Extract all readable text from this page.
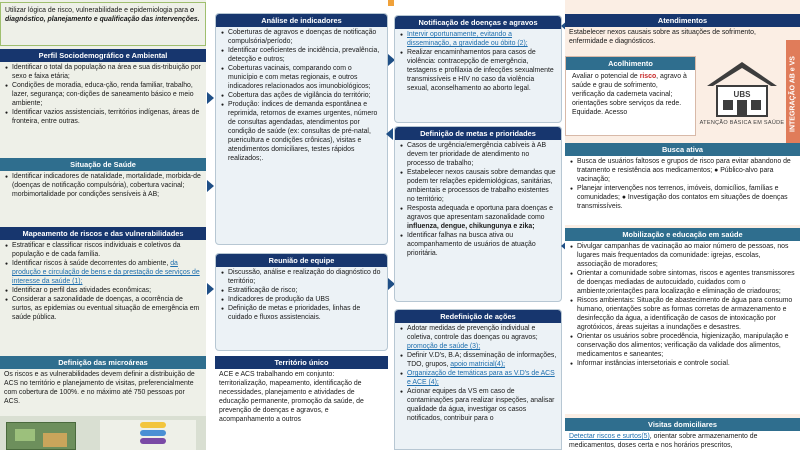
Utilizar lógica de risco, vulnerabilidade e epidemiologia para o diagnóstico, planejamento e qualificação das intervenções.
Perfil Sociodemográfico e Ambiental
● Identificar o total da população na área e sua dis-tribuição por sexo e faixa etária;
● Condições de moradia, educa-ção, renda familiar, trabalho, lazer, segurança; con-dições de saneamento básico e meio ambiente;
● Identificar vazios assistenciais, territórios indígenas, áreas de fronteira, entre outras.
Situação de Saúde
● Identificar indicadores de natalidade, mortalidade, morbida-de (doenças de notificação compulsória), cobertura vacinal; morbimortalidade por condições sensíveis à AB;
Mapeamento de riscos e das vulnerabilidades
● Estratificar e classificar riscos individuais e coletivos da população e de cada família.
● Identificar riscos à saúde decorrentes do ambiente, da produção e circulação de bens e da prestação de serviços de interesse da saúde (1);
● Identificar o perfil das atividades econômicas;
● Considerar a sazonalidade de doenças, a ocorrência de surtos, as epidemias ou eventual situação de emergência em saúde pública.
Definição das microáreas
Os riscos e as vulnerabilidades devem definir a distribuição de ACS no território e planejamento de visitas, preferencialmente com cobertura de 100%. e no máximo até 750 pessoas por ACS.
Análise de indicadores
● Coberturas de agravos e doenças de notificação compulsória/período;
● Identificar coeficientes de incidência, prevalência, detecção e outros;
● Coberturas vacinais, comparando com o município e com metas regionais, e outros indicadores relacionados aos imunobiológicos;
● Cobertura das ações de vigilância do território;
● Produção: índices de demanda espontânea e reprimida, retornos de exames urgentes, número de consultas agendadas, atendimentos por condição de saúde (ex: consultas de pré-natal, puericultura e condições crônicas), visitas e atendimentos domiciliares, testes rápidos realizados;.
Reunião de equipe
● Discussão, análise e realização do diagnóstico do território;
● Estratificação de risco;
● Indicadores de produção da UBS
● Definição de metas e prioridades, linhas de cuidado e fluxos assistenciais.
Território único
ACE e ACS trabalhando em conjunto: territorialização, mapeamento, identificação de necessidades, planejamento e atividades de educação permanente, promoção da saúde, de prevenção de doenças e agravos, e acompanhamento a outros
Notificação de doenças e agravos
● Intervir oportunamente, evitando a disseminação, a gravidade ou óbito (2);
● Realizar encaminhamentos para casos de violência: contracepção de emergência, testagens e profilaxia de infecções sexualmente transmissíveis e HIV no caso da violência sexual, aconselhamento ao aborto legal.
Definição de metas e prioridades
● Casos de urgência/emergência cabíveis à AB devem ter prioridade de atendimento no processo de trabalho;
● Estabelecer nexos causais sobre demandas que podem ter relações epidemiológicas, sanitárias, ambientais e processos de trabalho existentes no território;
● Resposta adequada e oportuna para doenças e agravos que apresentam sazonalidade como influenza, dengue, chikungunya e zika;
● Identificar falhas na busca ativa ou acompanhamento de usuários de atuação prioritária.
Redefinição de ações
● Adotar medidas de prevenção individual e coletiva, controle das doenças ou agravos; promoção de saúde (3);
● Definir V.D's, B.A; disseminação de informações, TDO, grupos, apoio matricial(4);
● Organização de temáticas para as V.D's de ACS e ACE (4);
● Acionar equipes da VS em caso de contaminações para realizar inspeções, analisar qualidade da água, investigar os casos notificados, contribuir para o
Atendimentos
Estabelecer nexos causais sobre as situações de sofrimento, enfermidade e diagnósticos.
Acolhimento
Avaliar o potencial de risco, agravo à saúde e grau de sofrimento, verificação da caderneta vacinal; orientações sobre serviços da rede. Equidade. Acesso
UBS
ATENÇÃO BÁSICA EM SAÚDE INTEGRAÇÃO AB e VS
Busca ativa
● Busca de usuários faltosos e grupos de risco para evitar abandono de tratamento e resistência aos medicamentos; ● Público-alvo para vacinação;
● Planejar intervenções nos terrenos, imóveis, domicílios, famílias e comunidades; ● Investigação dos contatos em situações de doenças transmissíveis.
Mobilização e educação em saúde
● Divulgar campanhas de vacinação ao maior número de pessoas, nos lugares mais frequentados da comunidade: igrejas, escolas, associação de moradores;
● Orientar a comunidade sobre sintomas, riscos e agentes transmissores de doenças mediadas de autocuidado, cuidados com o ambiente;orientações para localização e eliminação de criadouros;
● Riscos ambientais: Situação de abastecimento de água para consumo humano, orientações sobre as formas corretas de armazenamento e desinfecção da água, a identificação de casos de intoxicação por agrotóxicos, áreas sujeitas a inundações e desastres.
● Orientar os usuários sobre procedência, higienização, manipulação e conservação dos alimentos; verificação da validade dos alimentos, medicamentos e saneantes;
● Informar instâncias intersetoriais e controle social.
Visitas domiciliares
Detectar riscos e surtos(5), orientar sobre armazenamento de medicamentos, doses certa e nos horários prescritos,
